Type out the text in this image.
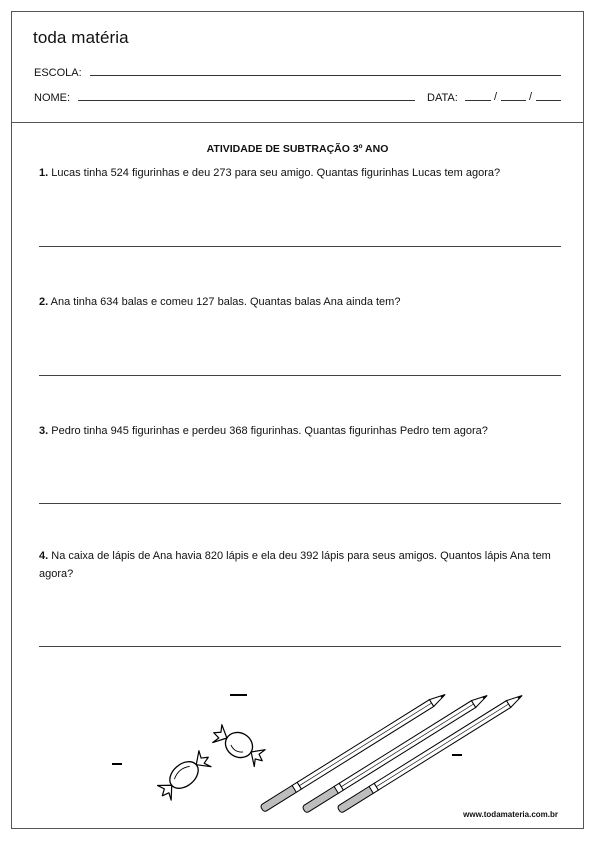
toda matéria
ESCOLA:
NOME:	DATA:	/	/
ATIVIDADE DE SUBTRAÇÃO 3º ANO
1. Lucas tinha 524 figurinhas e deu 273 para seu amigo. Quantas figurinhas Lucas tem agora?
2. Ana tinha 634 balas e comeu 127 balas. Quantas balas Ana ainda tem?
3. Pedro tinha 945 figurinhas e perdeu 368 figurinhas. Quantas figurinhas Pedro tem agora?
4. Na caixa de lápis de Ana havia 820 lápis e ela deu 392 lápis para seus amigos. Quantos lápis Ana tem agora?
www.todamateria.com.br
